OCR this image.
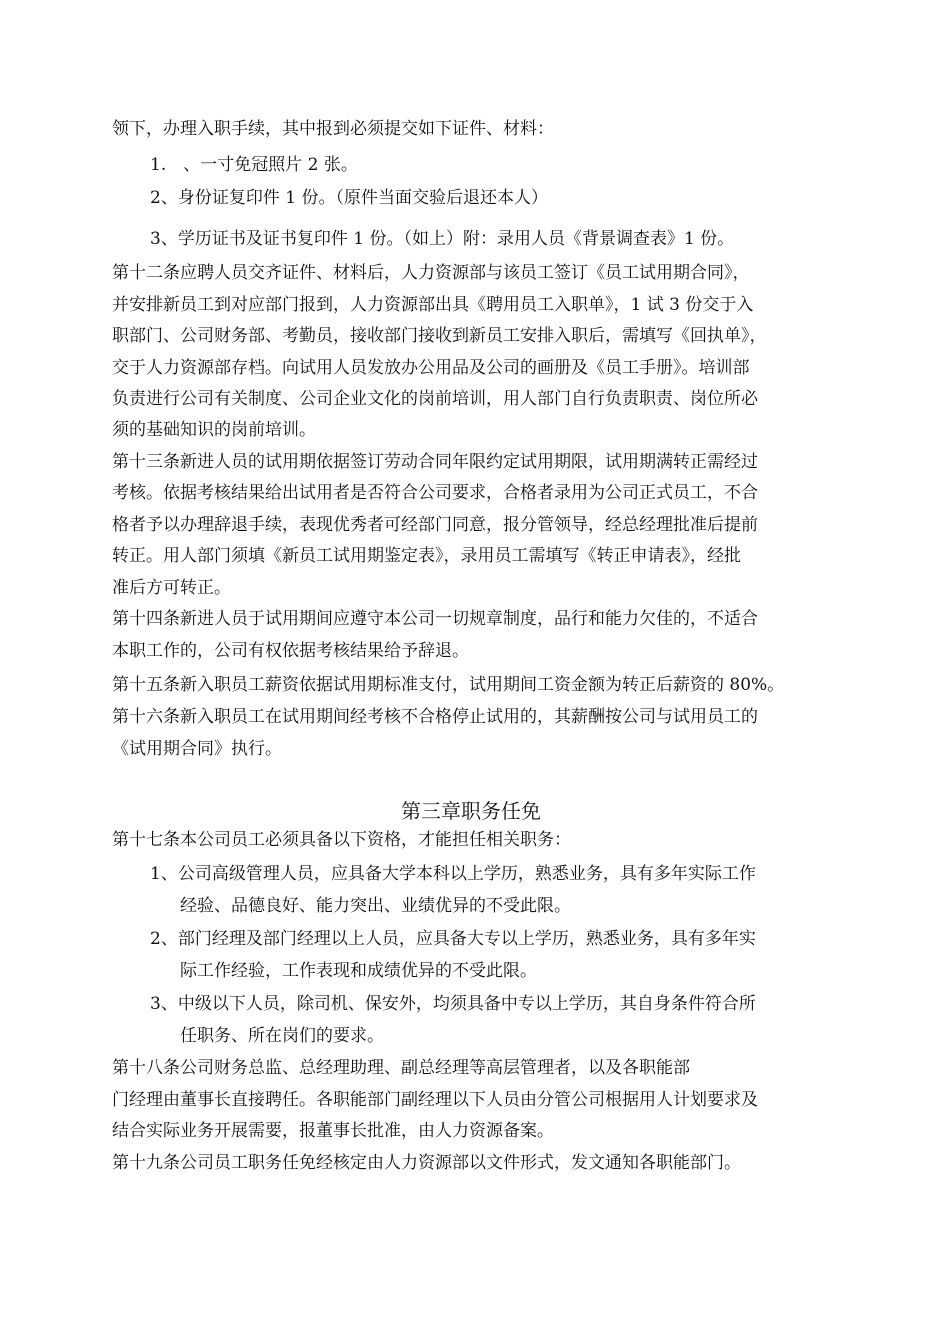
领下，办理入职手续，其中报到必须提交如下证件、材料：
1.　、一寸免冠照片 2 张。
2、身份证复印件 1 份。（原件当面交验后退还本人）
3、学历证书及证书复印件 1 份。（如上）附：录用人员《背景调查表》1 份。
第十二条应聘人员交齐证件、材料后，人力资源部与该员工签订《员工试用期合同》，
并安排新员工到对应部门报到，人力资源部出具《聘用员工入职单》，1 试 3 份交于入
职部门、公司财务部、考勤员，接收部门接收到新员工安排入职后，需填写《回执单》，
交于人力资源部存档。向试用人员发放办公用品及公司的画册及《员工手册》。培训部
负责进行公司有关制度、公司企业文化的岗前培训，用人部门自行负责职责、岗位所必
须的基础知识的岗前培训。
第十三条新进人员的试用期依据签订劳动合同年限约定试用期限，试用期满转正需经过
考核。依据考核结果给出试用者是否符合公司要求，合格者录用为公司正式员工，不合
格者予以办理辞退手续，表现优秀者可经部门同意，报分管领导，经总经理批准后提前
转正。用人部门须填《新员工试用期鉴定表》，录用员工需填写《转正申请表》，经批
准后方可转正。
第十四条新进人员于试用期间应遵守本公司一切规章制度，品行和能力欠佳的，不适合
本职工作的，公司有权依据考核结果给予辞退。
第十五条新入职员工薪资依据试用期标准支付，试用期间工资金额为转正后薪资的 80%。
第十六条新入职员工在试用期间经考核不合格停止试用的，其薪酬按公司与试用员工的
《试用期合同》执行。
第三章职务任免
第十七条本公司员工必须具备以下资格，才能担任相关职务：
1、公司高级管理人员，应具备大学本科以上学历，熟悉业务，具有多年实际工作
经验、品德良好、能力突出、业绩优异的不受此限。
2、部门经理及部门经理以上人员，应具备大专以上学历，熟悉业务，具有多年实
际工作经验，工作表现和成绩优异的不受此限。
3、中级以下人员，除司机、保安外，均须具备中专以上学历，其自身条件符合所
任职务、所在岗们的要求。
第十八条公司财务总监、总经理助理、副总经理等高层管理者，以及各职能部
门经理由董事长直接聘任。各职能部门副经理以下人员由分管公司根据用人计划要求及
结合实际业务开展需要，报董事长批准，由人力资源备案。
第十九条公司员工职务任免经核定由人力资源部以文件形式，发文通知各职能部门。
